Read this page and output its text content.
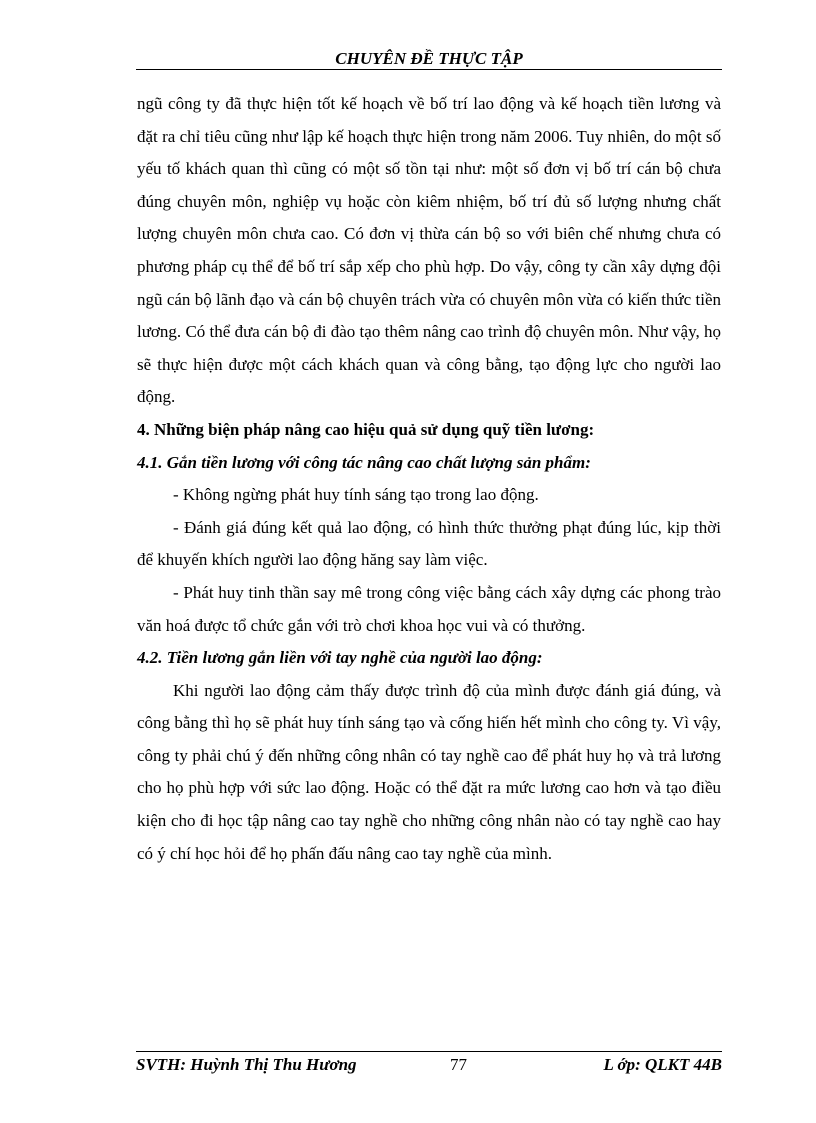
CHUYÊN ĐỀ THỰC TẬP

ngũ công ty đã thực hiện tốt kế hoạch về bố trí lao động và kế hoạch tiền lương và đặt ra chỉ tiêu cũng như lập kế hoạch thực hiện trong năm 2006. Tuy nhiên, do một số yếu tố khách quan thì cũng có một số tồn tại như: một số đơn vị bố trí cán bộ chưa đúng chuyên môn, nghiệp vụ hoặc còn kiêm nhiệm, bố trí đủ số lượng nhưng chất lượng chuyên môn chưa cao. Có đơn vị thừa cán bộ so với biên chế nhưng chưa có phương pháp cụ thể để bố trí sắp xếp cho phù hợp. Do vậy, công ty cần xây dựng đội ngũ cán bộ lãnh đạo và cán bộ chuyên trách vừa có chuyên môn vừa có kiến thức tiền lương. Có thể đưa cán bộ đi đào tạo thêm nâng cao trình độ chuyên môn. Như vậy, họ sẽ thực hiện được một cách khách quan và công bằng, tạo động lực cho người lao động.

4. Những biện pháp nâng cao hiệu quả sử dụng quỹ tiền lương:

4.1. Gắn tiền lương với công tác nâng cao chất lượng sản phẩm:

- Không ngừng phát huy tính sáng tạo trong lao động.

- Đánh giá đúng kết quả lao động, có hình thức thưởng phạt đúng lúc, kịp thời để khuyến khích người lao động hăng say làm việc.

- Phát huy tinh thần say mê trong công việc bằng cách xây dựng các phong trào văn hoá được tổ chức gắn với trò chơi khoa học vui và có thưởng.

4.2. Tiền lương gắn liền với tay nghề của người lao động:

Khi người lao động cảm thấy được trình độ của mình được đánh giá đúng, và công bằng thì họ sẽ phát huy tính sáng tạo và cống hiến hết mình cho công ty. Vì vậy, công ty phải chú ý đến những công nhân có tay nghề cao để phát huy họ và trả lương cho họ phù hợp với sức lao động. Hoặc có thể đặt ra mức lương cao hơn và tạo điều kiện cho đi học tập nâng cao tay nghề cho những công nhân nào có tay nghề cao hay có ý chí học hỏi để họ phấn đấu nâng cao tay nghề của mình.

SVTH: Huỳnh Thị Thu Hương	77	L ớp: QLKT 44B
